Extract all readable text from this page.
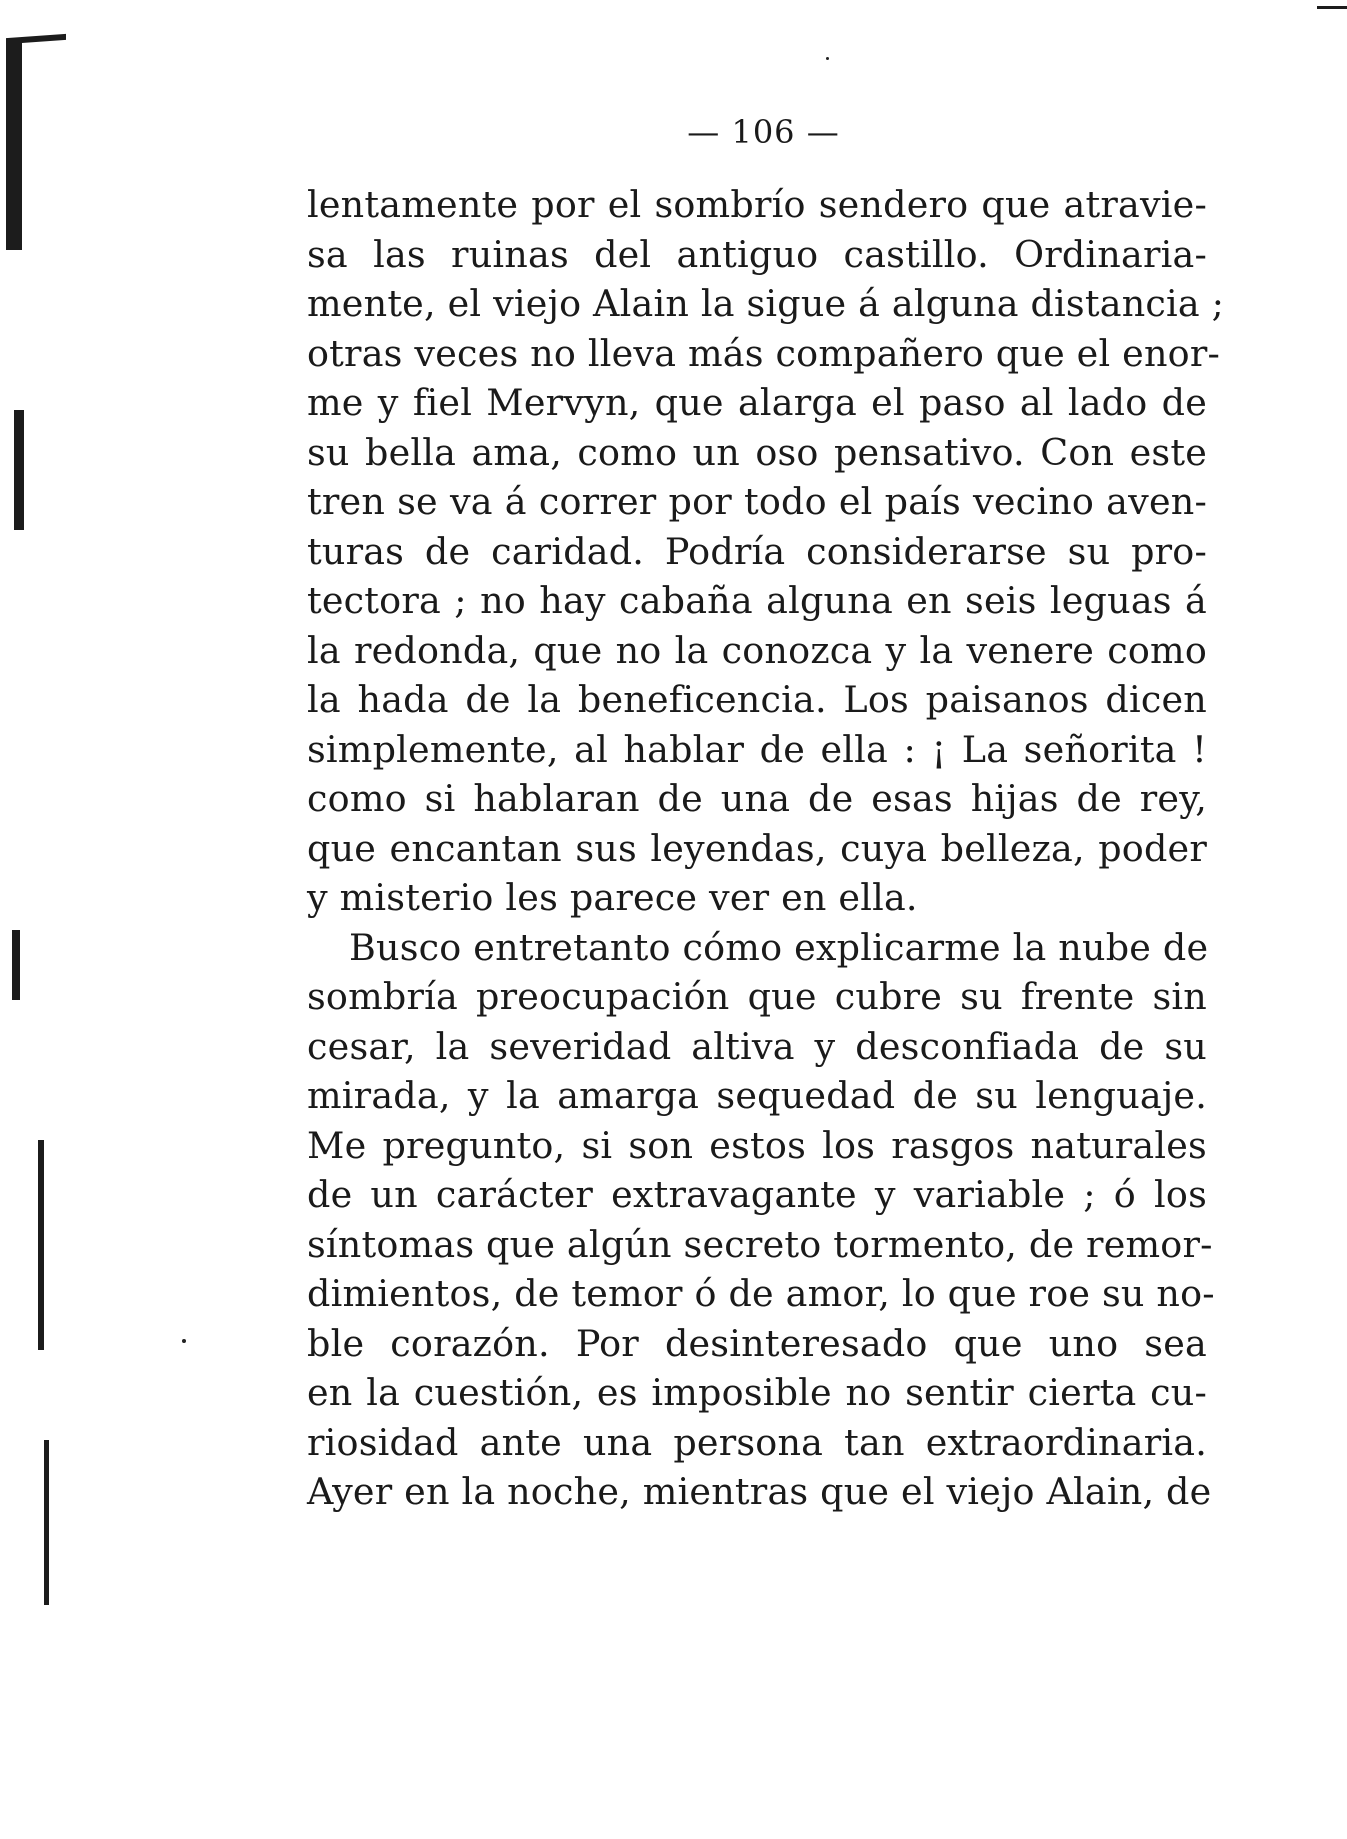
— 106 —
lentamente por el sombrío sendero que atravie-
sa las ruinas del antiguo castillo. Ordinaria-
mente, el viejo Alain la sigue á alguna distancia ;
otras veces no lleva más compañero que el enor-
me y fiel Mervyn, que alarga el paso al lado de
su bella ama, como un oso pensativo. Con este
tren se va á correr por todo el país vecino aven-
turas de caridad. Podría considerarse su pro-
tectora ; no hay cabaña alguna en seis leguas á
la redonda, que no la conozca y la venere como
la hada de la beneficencia. Los paisanos dicen
simplemente, al hablar de ella : ¡ La señorita !
como si hablaran de una de esas hijas de rey,
que encantan sus leyendas, cuya belleza, poder
y misterio les parece ver en ella.
Busco entretanto cómo explicarme la nube de
sombría preocupación que cubre su frente sin
cesar, la severidad altiva y desconfiada de su
mirada, y la amarga sequedad de su lenguaje.
Me pregunto, si son estos los rasgos naturales
de un carácter extravagante y variable ; ó los
síntomas que algún secreto tormento, de remor-
dimientos, de temor ó de amor, lo que roe su no-
ble corazón. Por desinteresado que uno sea
en la cuestión, es imposible no sentir cierta cu-
riosidad ante una persona tan extraordinaria.
Ayer en la noche, mientras que el viejo Alain, de
